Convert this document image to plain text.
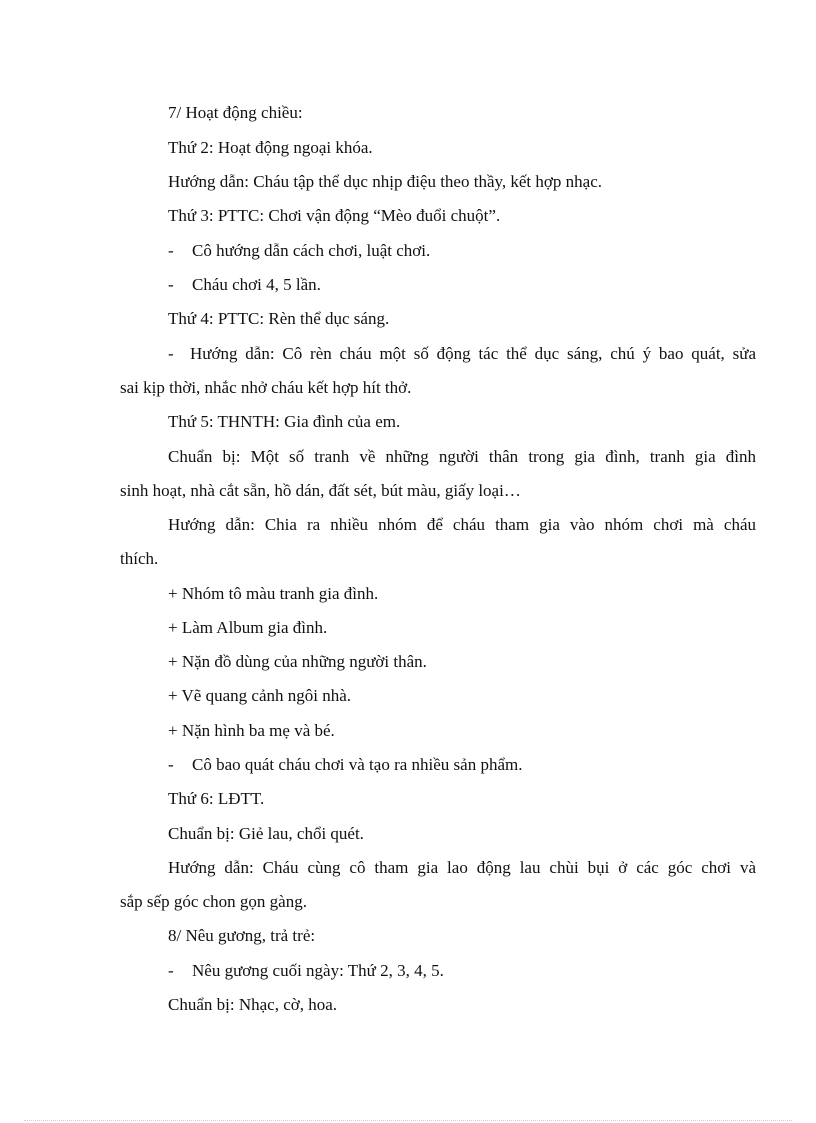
7/ Hoạt động chiều:
Thứ 2: Hoạt động ngoại khóa.
Hướng dẫn: Cháu tập thể dục nhịp điệu theo thầy, kết hợp nhạc.
Thứ 3: PTTC: Chơi vận động “Mèo đuổi chuột”.
- Cô hướng dẫn cách chơi, luật chơi.
- Cháu chơi 4, 5 lần.
Thứ 4: PTTC: Rèn thể dục sáng.
- Hướng dẫn: Cô rèn cháu một số động tác thể dục sáng, chú ý bao quát, sửa
sai kịp thời, nhắc nhở cháu kết hợp hít thở.
Thứ 5: THNTH: Gia đình của em.
Chuẩn bị: Một số tranh về những người thân trong gia đình, tranh gia đình
sinh hoạt, nhà cắt sẵn, hồ dán, đất sét, bút màu, giấy loại…
Hướng dẫn: Chia ra nhiều nhóm để cháu tham gia vào nhóm chơi mà cháu
thích.
+ Nhóm tô màu tranh gia đình.
+ Làm Album gia đình.
+ Nặn đồ dùng của những người thân.
+ Vẽ quang cảnh ngôi nhà.
+ Nặn hình ba mẹ và bé.
- Cô bao quát cháu chơi và tạo ra nhiều sản phẩm.
Thứ 6: LĐTT.
Chuẩn bị: Giẻ lau, chổi quét.
Hướng dẫn: Cháu cùng cô tham gia lao động lau chùi bụi ở các góc chơi và
sắp sếp góc chon gọn gàng.
8/ Nêu gương, trả trẻ:
- Nêu gương cuối ngày: Thứ 2, 3, 4, 5.
Chuẩn bị: Nhạc, cờ, hoa.
